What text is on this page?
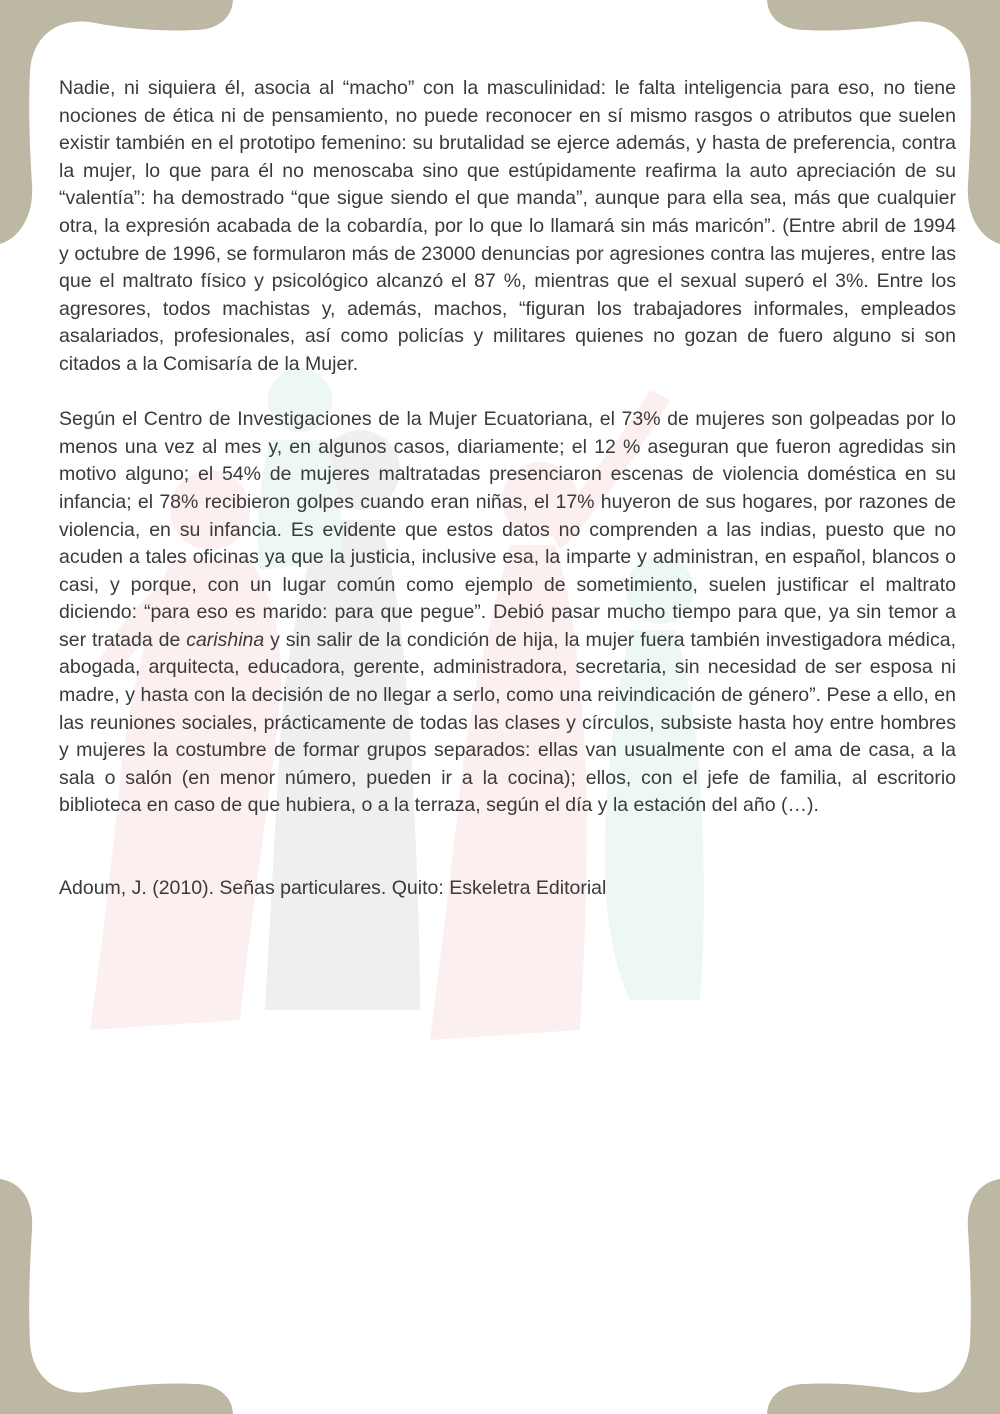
Nadie, ni siquiera él, asocia al “macho” con la masculinidad: le falta inteligencia para eso, no tiene nociones de ética ni de pensamiento, no puede reconocer en sí mismo rasgos o atributos que suelen existir también en el prototipo femenino: su brutalidad se ejerce además, y hasta de preferencia, contra la mujer, lo que para él no menoscaba sino que estúpidamente reafirma la auto apreciación de su “valentía”: ha demostrado “que sigue siendo el que manda”, aunque para ella sea, más que cualquier otra, la expresión acabada de la cobardía, por lo que lo llamará sin más maricón”. (Entre abril de 1994 y octubre de 1996, se formularon más de 23000 denuncias por agresiones contra las mujeres, entre las que el maltrato físico y psicológico alcanzó el 87 %, mientras que el sexual superó el 3%. Entre los agresores, todos machistas y, además, machos, “figuran los trabajadores informales, empleados asalariados, profesionales, así como policías y militares quienes no gozan de fuero alguno si son citados a la Comisaría de la Mujer.

Según el Centro de Investigaciones de la Mujer Ecuatoriana, el 73% de mujeres son golpeadas por lo menos una vez al mes y, en algunos casos, diariamente; el 12 % aseguran que fueron agredidas sin motivo alguno; el 54% de mujeres maltratadas presenciaron escenas de violencia doméstica en su infancia; el 78% recibieron golpes cuando eran niñas, el 17% huyeron de sus hogares, por razones de violencia, en su infancia. Es evidente que estos datos no comprenden a las indias, puesto que no acuden a tales oficinas ya que la justicia, inclusive esa, la imparte y administran, en español, blancos o casi, y porque, con un lugar común como ejemplo de sometimiento, suelen justificar el maltrato diciendo: “para eso es marido: para que pegue”. Debió pasar mucho tiempo para que, ya sin temor a ser tratada de carishina y sin salir de la condición de hija, la mujer fuera también investigadora médica, abogada, arquitecta, educadora, gerente, administradora, secretaria, sin necesidad de ser esposa ni madre, y hasta con la decisión de no llegar a serlo, como una reivindicación de género”. Pese a ello, en las reuniones sociales, prácticamente de todas las clases y círculos, subsiste hasta hoy entre hombres y mujeres la costumbre de formar grupos separados: ellas van usualmente con el ama de casa, a la sala o salón (en menor número, pueden ir a la cocina); ellos, con el jefe de familia, al escritorio biblioteca en caso de que hubiera, o a la terraza, según el día y la estación del año (…).

Adoum, J. (2010). Señas particulares. Quito: Eskeletra Editorial
